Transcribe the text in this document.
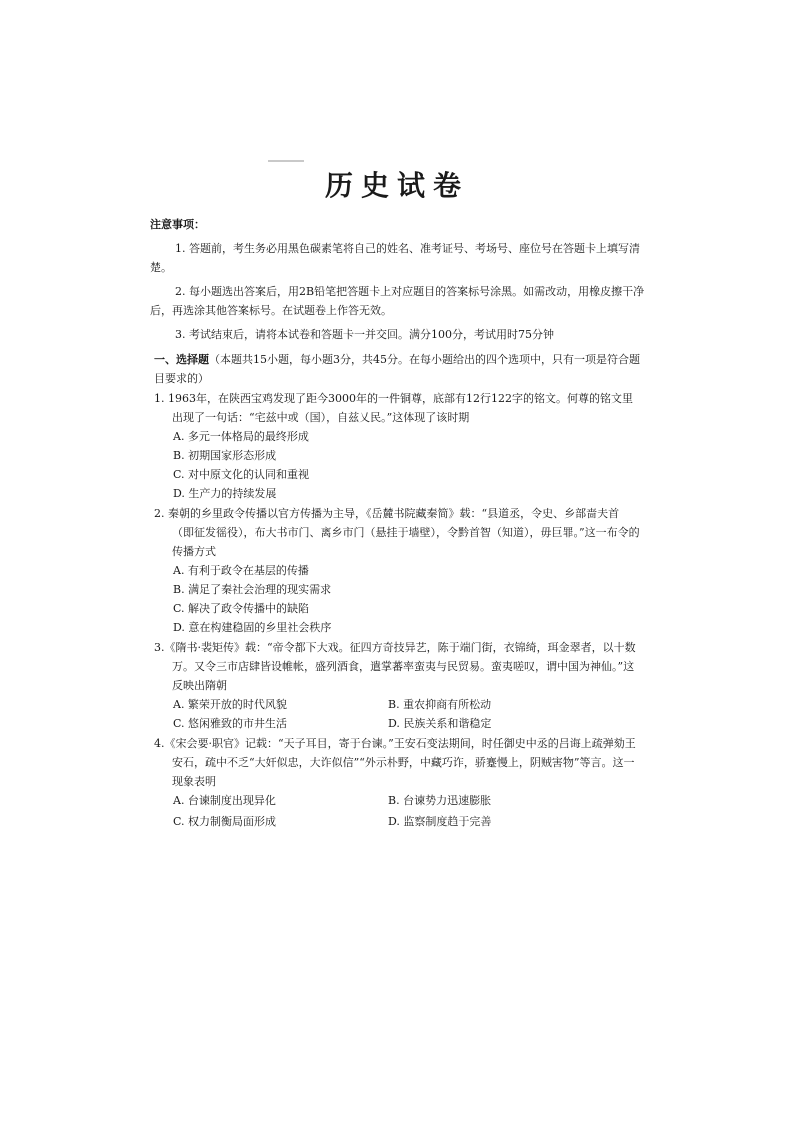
历史试卷
注意事项：
1. 答题前，考生务必用黑色碳素笔将自己的姓名、准考证号、考场号、座位号在答题卡上填写清楚。
2. 每小题选出答案后，用2B铅笔把答题卡上对应题目的答案标号涂黑。如需改动，用橡皮擦干净后，再选涂其他答案标号。在试题卷上作答无效。
3. 考试结束后，请将本试卷和答题卡一并交回。满分100分，考试用时75分钟
一、选择题（本题共15小题，每小题3分，共45分。在每小题给出的四个选项中，只有一项是符合题目要求的）
1. 1963年，在陕西宝鸡发现了距今3000年的一件铜尊，底部有12行122字的铭文。何尊的铭文里出现了一句话：“宅兹中或（国），自兹乂民。”这体现了该时期
A. 多元一体格局的最终形成
B. 初期国家形态形成
C. 对中原文化的认同和重视
D. 生产力的持续发展
2. 秦朝的乡里政令传播以官方传播为主导，《岳麓书院藏秦简》载：“县道丞，令史、乡部啬夫首（即征发徭役），布大书市门、离乡市门（悬挂于墙壁），令黔首智（知道），毋巨罪。”这一布令的传播方式
A. 有利于政令在基层的传播
B. 满足了秦社会治理的现实需求
C. 解决了政令传播中的缺陷
D. 意在构建稳固的乡里社会秩序
3.《隋书·裴矩传》载：“帝令都下大戏。征四方奇技异艺，陈于端门街，衣锦绮，珥金翠者，以十数万。又令三市店肆皆设帷帐，盛列酒食，遣掌蕃率蛮夷与民贸易。蛮夷嗟叹，谓中国为神仙。”这反映出隋朝
A. 繁荣开放的时代风貌	B. 重农抑商有所松动
C. 悠闲雅致的市井生活	D. 民族关系和谐稳定
4.《宋会要·职官》记载：“天子耳目，寄于台谏。”王安石变法期间，时任御史中丞的吕诲上疏弹劾王安石，疏中不乏“大奸似忠，大诈似信”“外示朴野，中藏巧诈，骄蹇慢上，阴贼害物”等言。这一现象表明
A. 台谏制度出现异化	B. 台谏势力迅速膨胀
C. 权力制衡局面形成	D. 监察制度趋于完善
